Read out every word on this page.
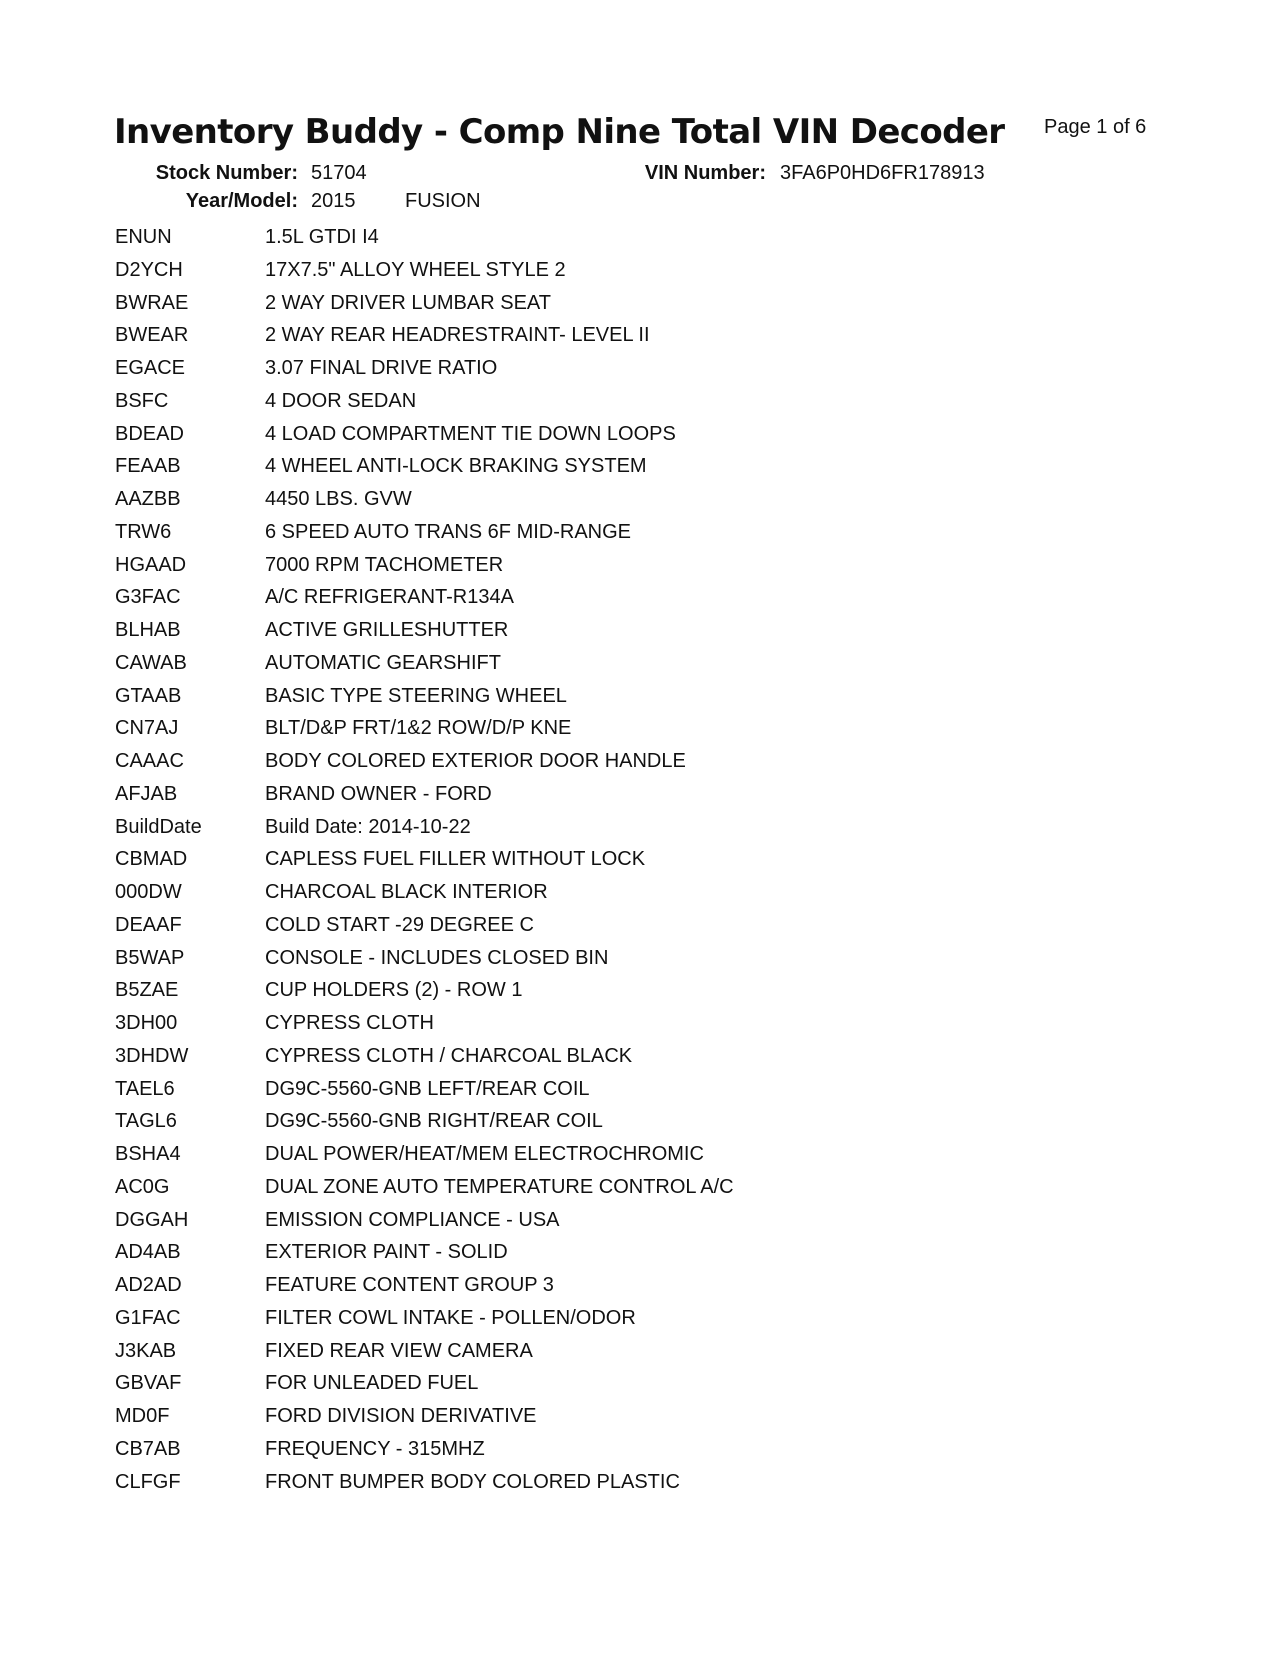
Inventory Buddy - Comp Nine Total VIN Decoder Page 1 of 6
Stock Number: 51704	VIN Number: 3FA6P0HD6FR178913
Year/Model: 2015 FUSION
ENUN	1.5L GTDI I4
D2YCH	17X7.5" ALLOY WHEEL STYLE 2
BWRAE	2 WAY DRIVER LUMBAR SEAT
BWEAR	2 WAY REAR HEADRESTRAINT- LEVEL II
EGACE	3.07 FINAL DRIVE RATIO
BSFC	4 DOOR SEDAN
BDEAD	4 LOAD COMPARTMENT TIE DOWN LOOPS
FEAAB	4 WHEEL ANTI-LOCK BRAKING SYSTEM
AAZBB	4450 LBS. GVW
TRW6	6 SPEED AUTO TRANS 6F MID-RANGE
HGAAD	7000 RPM TACHOMETER
G3FAC	A/C REFRIGERANT-R134A
BLHAB	ACTIVE GRILLESHUTTER
CAWAB	AUTOMATIC GEARSHIFT
GTAAB	BASIC TYPE STEERING WHEEL
CN7AJ	BLT/D&P FRT/1&2 ROW/D/P KNE
CAAAC	BODY COLORED EXTERIOR DOOR HANDLE
AFJAB	BRAND OWNER - FORD
BuildDate	Build Date: 2014-10-22
CBMAD	CAPLESS FUEL FILLER WITHOUT LOCK
000DW	CHARCOAL BLACK INTERIOR
DEAAF	COLD START -29 DEGREE C
B5WAP	CONSOLE - INCLUDES CLOSED BIN
B5ZAE	CUP HOLDERS (2) - ROW 1
3DH00	CYPRESS CLOTH
3DHDW	CYPRESS CLOTH / CHARCOAL BLACK
TAEL6	DG9C-5560-GNB LEFT/REAR COIL
TAGL6	DG9C-5560-GNB RIGHT/REAR COIL
BSHA4	DUAL POWER/HEAT/MEM ELECTROCHROMIC
AC0G	DUAL ZONE AUTO TEMPERATURE CONTROL A/C
DGGAH	EMISSION COMPLIANCE - USA
AD4AB	EXTERIOR PAINT - SOLID
AD2AD	FEATURE CONTENT GROUP 3
G1FAC	FILTER COWL INTAKE - POLLEN/ODOR
J3KAB	FIXED REAR VIEW CAMERA
GBVAF	FOR UNLEADED FUEL
MD0F	FORD DIVISION DERIVATIVE
CB7AB	FREQUENCY - 315MHZ
CLFGF	FRONT BUMPER BODY COLORED PLASTIC
